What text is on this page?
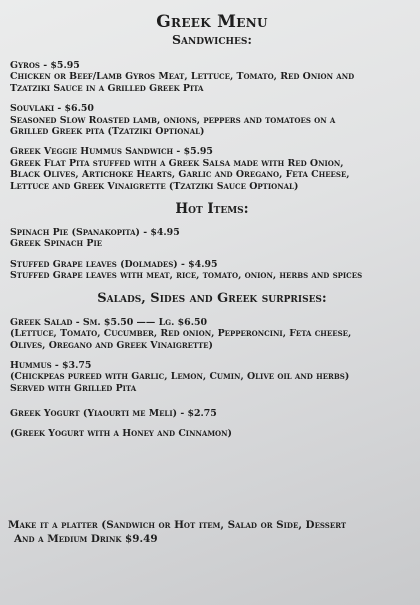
Greek Menu
Sandwiches:
Gyros - $5.95
Chicken or Beef/Lamb Gyros Meat, Lettuce, Tomato, Red Onion and
Tzatziki Sauce in a Grilled Greek Pita
Souvlaki - $6.50
Seasoned Slow Roasted lamb, onions, peppers and tomatoes on a
Grilled Greek pita (Tzatziki Optional)
Greek Veggie Hummus Sandwich - $5.95
Greek Flat Pita stuffed with a Greek Salsa made with Red Onion,
Black Olives, Artichoke Hearts, Garlic and Oregano, Feta Cheese,
Lettuce and Greek Vinaigrette (Tzatziki Sauce Optional)
Hot Items:
Spinach Pie (Spanakopita) - $4.95
Greek Spinach Pie
Stuffed Grape leaves (Dolmades) - $4.95
Stuffed Grape leaves with meat, rice, tomato, onion, herbs and spices
Salads, Sides and Greek surprises:
Greek Salad - Sm. $5.50 —— Lg. $6.50
(Lettuce, Tomato, Cucumber, Red onion, Pepperoncini, Feta cheese,
Olives, Oregano and Greek Vinaigrette)
Hummus - $3.75
(Chickpeas pureed with Garlic, Lemon, Cumin, Olive oil and herbs)
Served with Grilled Pita
Greek Yogurt (Yiaourti me Meli) - $2.75
(Greek Yogurt with a Honey and Cinnamon)
Make it a platter (Sandwich or Hot item, Salad or Side, Dessert
And a Medium Drink $9.49
